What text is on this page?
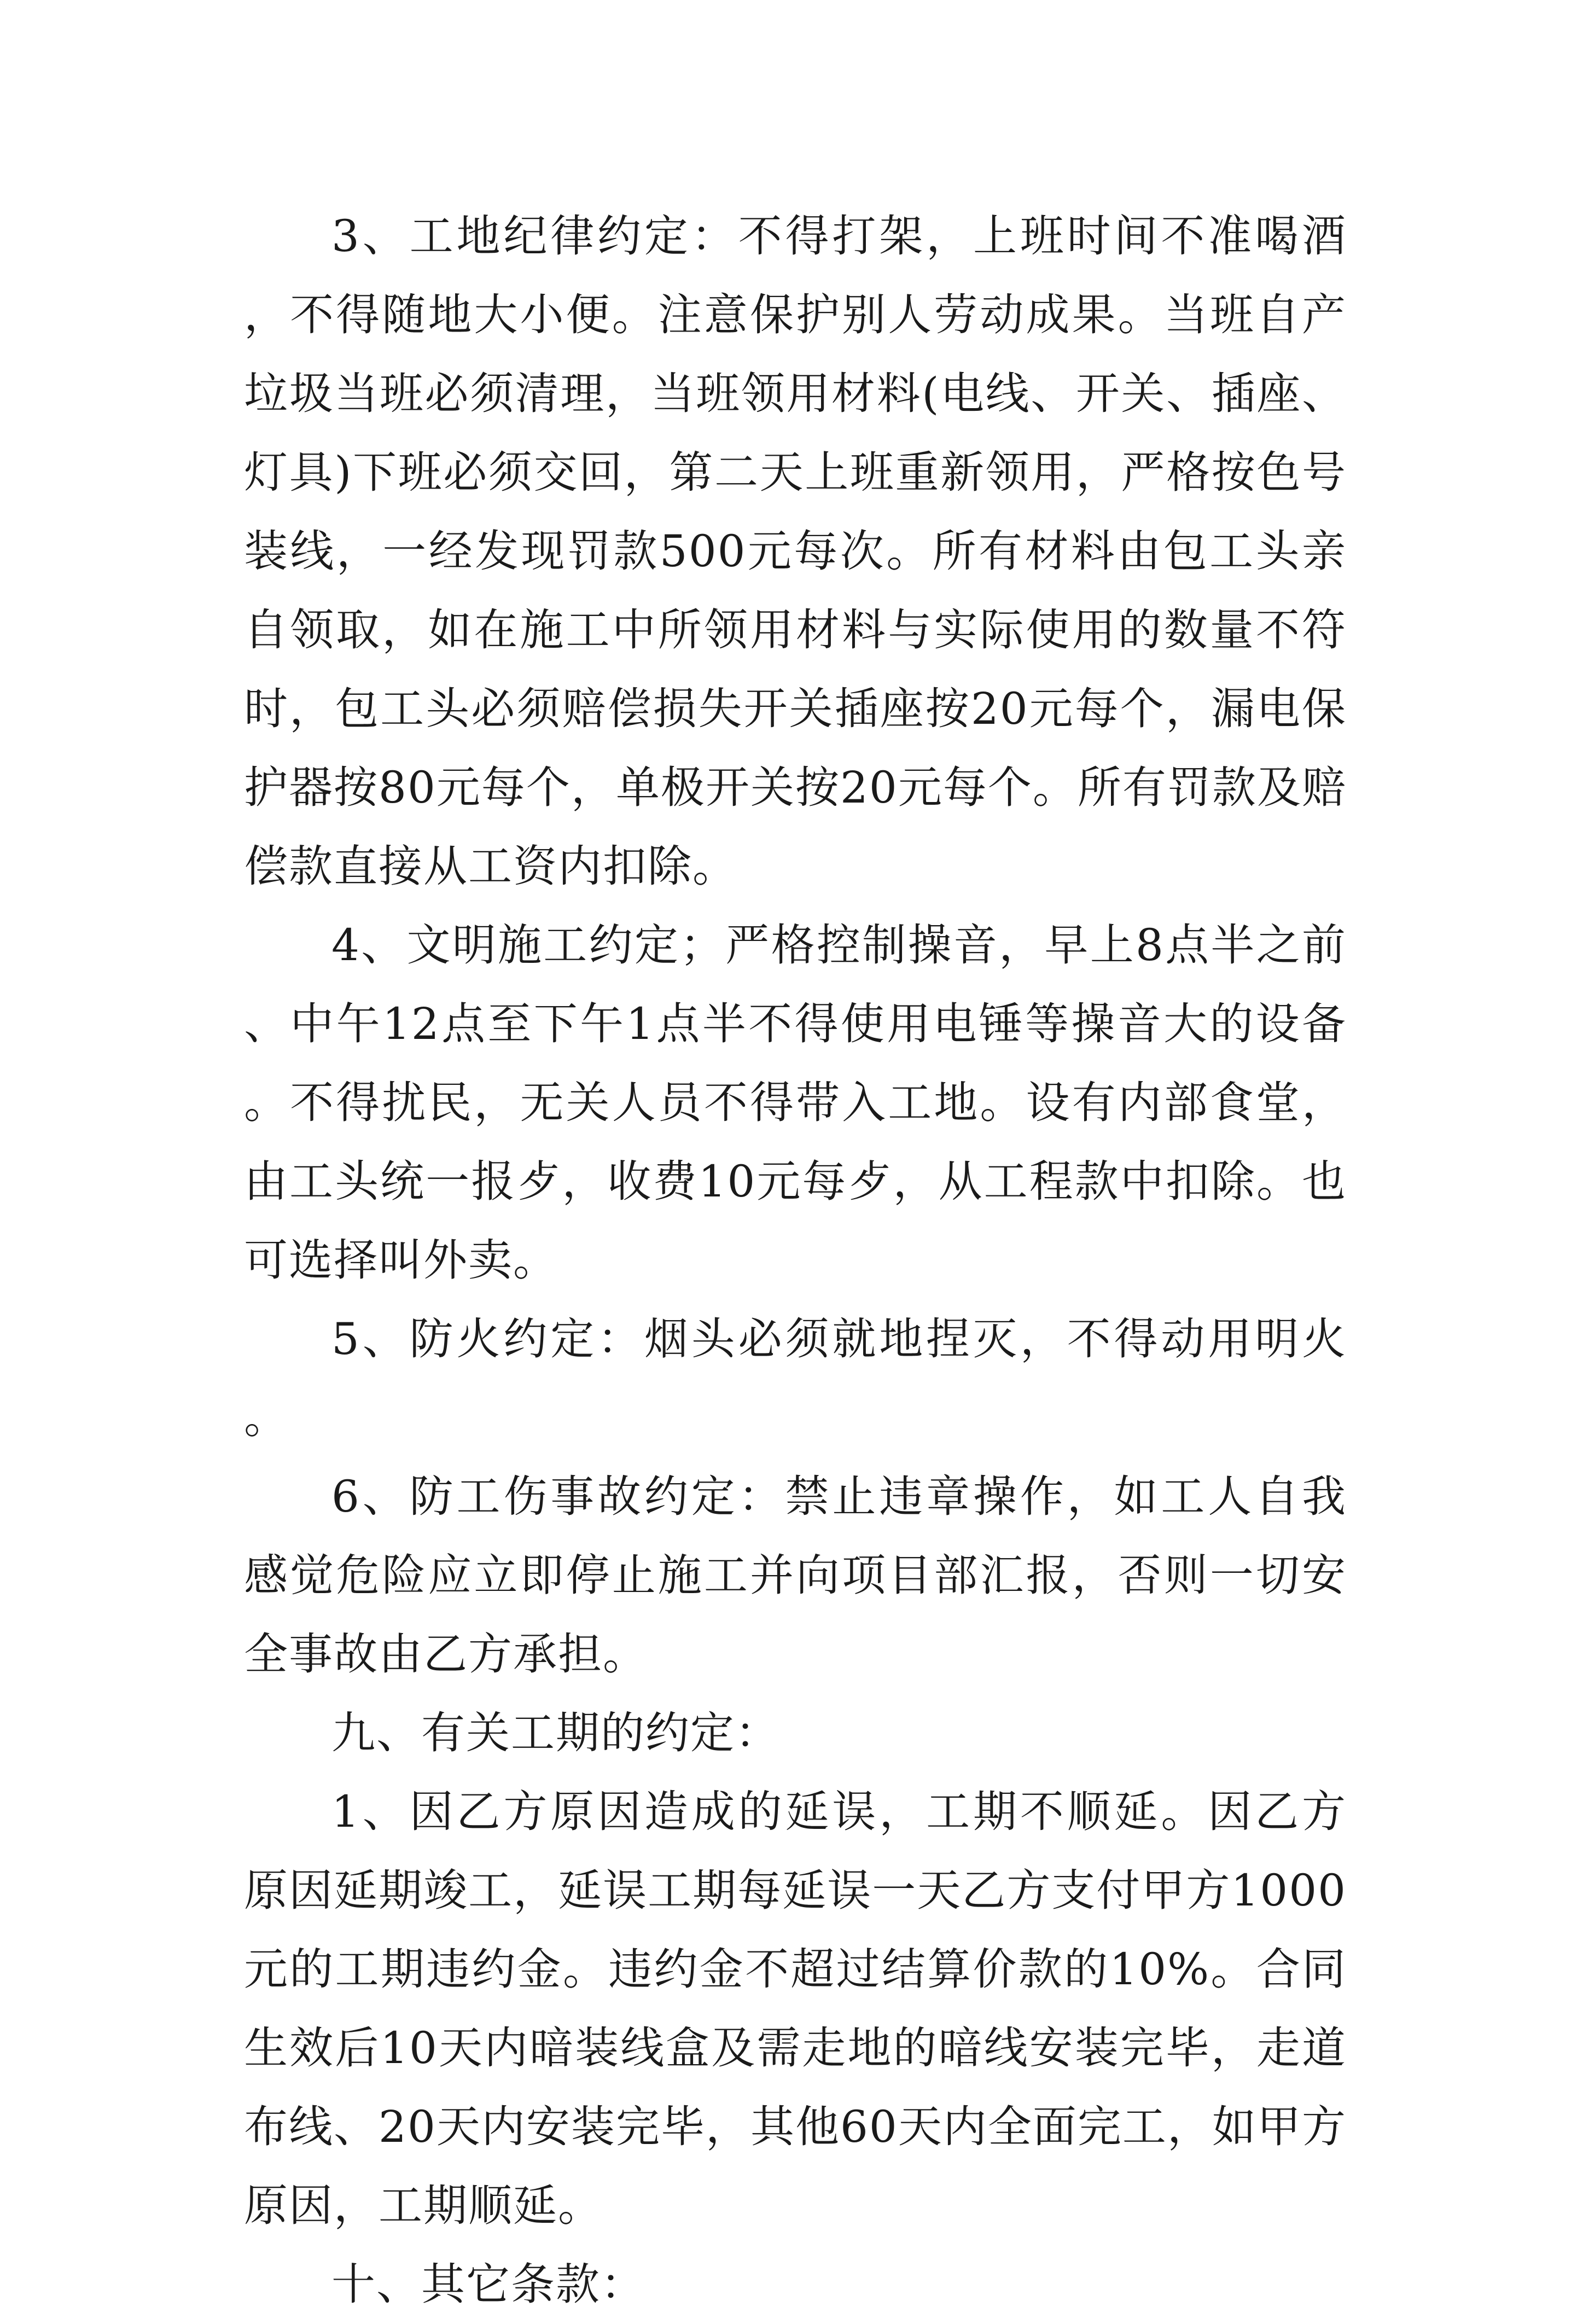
3、工地纪律约定：不得打架，上班时间不准喝酒，不得随地大小便。注意保护别人劳动成果。当班自产垃圾当班必须清理，当班领用材料(电线、开关、插座、灯具)下班必须交回，第二天上班重新领用，严格按色号装线，一经发现罚款500元每次。所有材料由包工头亲自领取，如在施工中所领用材料与实际使用的数量不符时，包工头必须赔偿损失开关插座按20元每个，漏电保护器按80元每个，单极开关按20元每个。所有罚款及赔偿款直接从工资内扣除。

4、文明施工约定；严格控制操音，早上8点半之前、中午12点至下午1点半不得使用电锤等操音大的设备。不得扰民，无关人员不得带入工地。设有内部食堂，由工头统一报歺，收费10元每歺，从工程款中扣除。也可选择叫外卖。

5、防火约定：烟头必须就地捏灭，不得动用明火。

6、防工伤事故约定：禁止违章操作，如工人自我感觉危险应立即停止施工并向项目部汇报，否则一切安全事故由乙方承担。

九、有关工期的约定：

1、因乙方原因造成的延误，工期不顺延。因乙方原因延期竣工，延误工期每延误一天乙方支付甲方1000元的工期违约金。违约金不超过结算价款的10%。合同生效后10天内暗装线盒及需走地的暗线安装完毕，走道布线、20天内安装完毕，其他60天内全面完工，如甲方原因，工期顺延。

十、其它条款：
